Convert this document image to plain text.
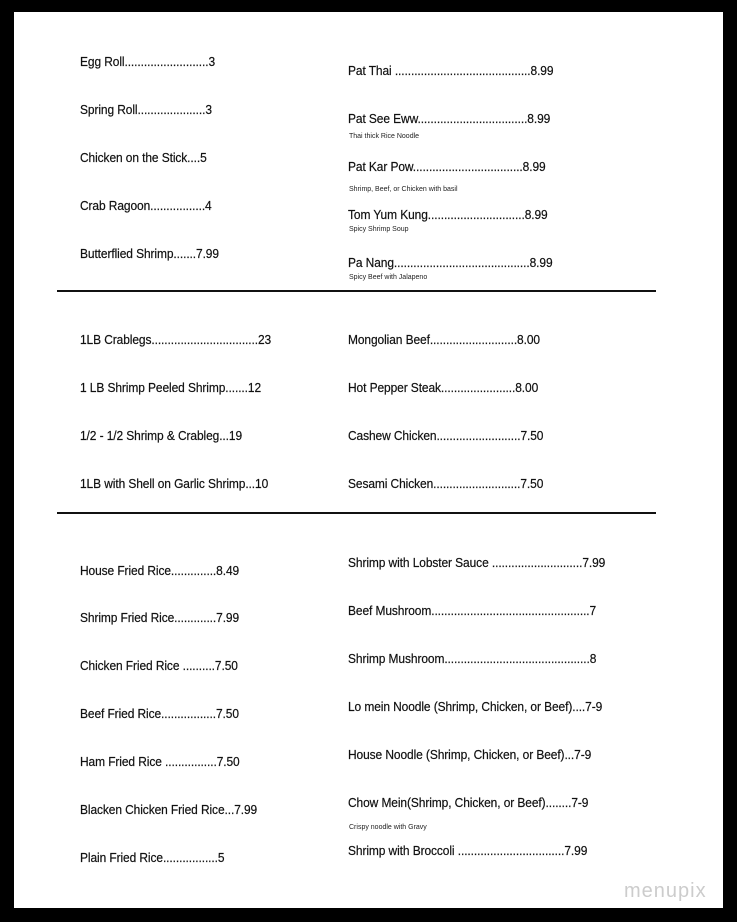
menupix
Egg Roll..........................3
Spring Roll.....................3
Chicken on the Stick....5
Crab Ragoon.................4
Butterflied Shrimp.......7.99
Pat Thai ..........................................8.99
Pat See Eww..................................8.99
Thai thick Rice Noodle
Pat Kar Pow..................................8.99
Shrimp, Beef, or Chicken with basil
Tom Yum Kung..............................8.99
Spicy Shrimp Soup
Pa Nang..........................................8.99
Spicy Beef with Jalapeno
1LB Crablegs.................................23
1 LB Shrimp Peeled Shrimp.......12
1/2 - 1/2 Shrimp & Crableg...19
1LB with Shell on Garlic Shrimp...10
Mongolian Beef...........................8.00
Hot Pepper Steak.......................8.00
Cashew Chicken..........................7.50
Sesami Chicken...........................7.50
House Fried Rice..............8.49
Shrimp Fried Rice.............7.99
Chicken Fried Rice ..........7.50
Beef Fried Rice.................7.50
Ham Fried Rice ................7.50
Blacken Chicken Fried Rice...7.99
Plain Fried Rice.................5
Shrimp with Lobster Sauce ............................7.99
Beef Mushroom.................................................7
Shrimp Mushroom.............................................8
Lo mein Noodle (Shrimp, Chicken, or Beef)....7-9
House Noodle (Shrimp, Chicken, or Beef)...7-9
Chow Mein(Shrimp, Chicken, or Beef)........7-9
Crispy noodle with Gravy
Shrimp with Broccoli .................................7.99
